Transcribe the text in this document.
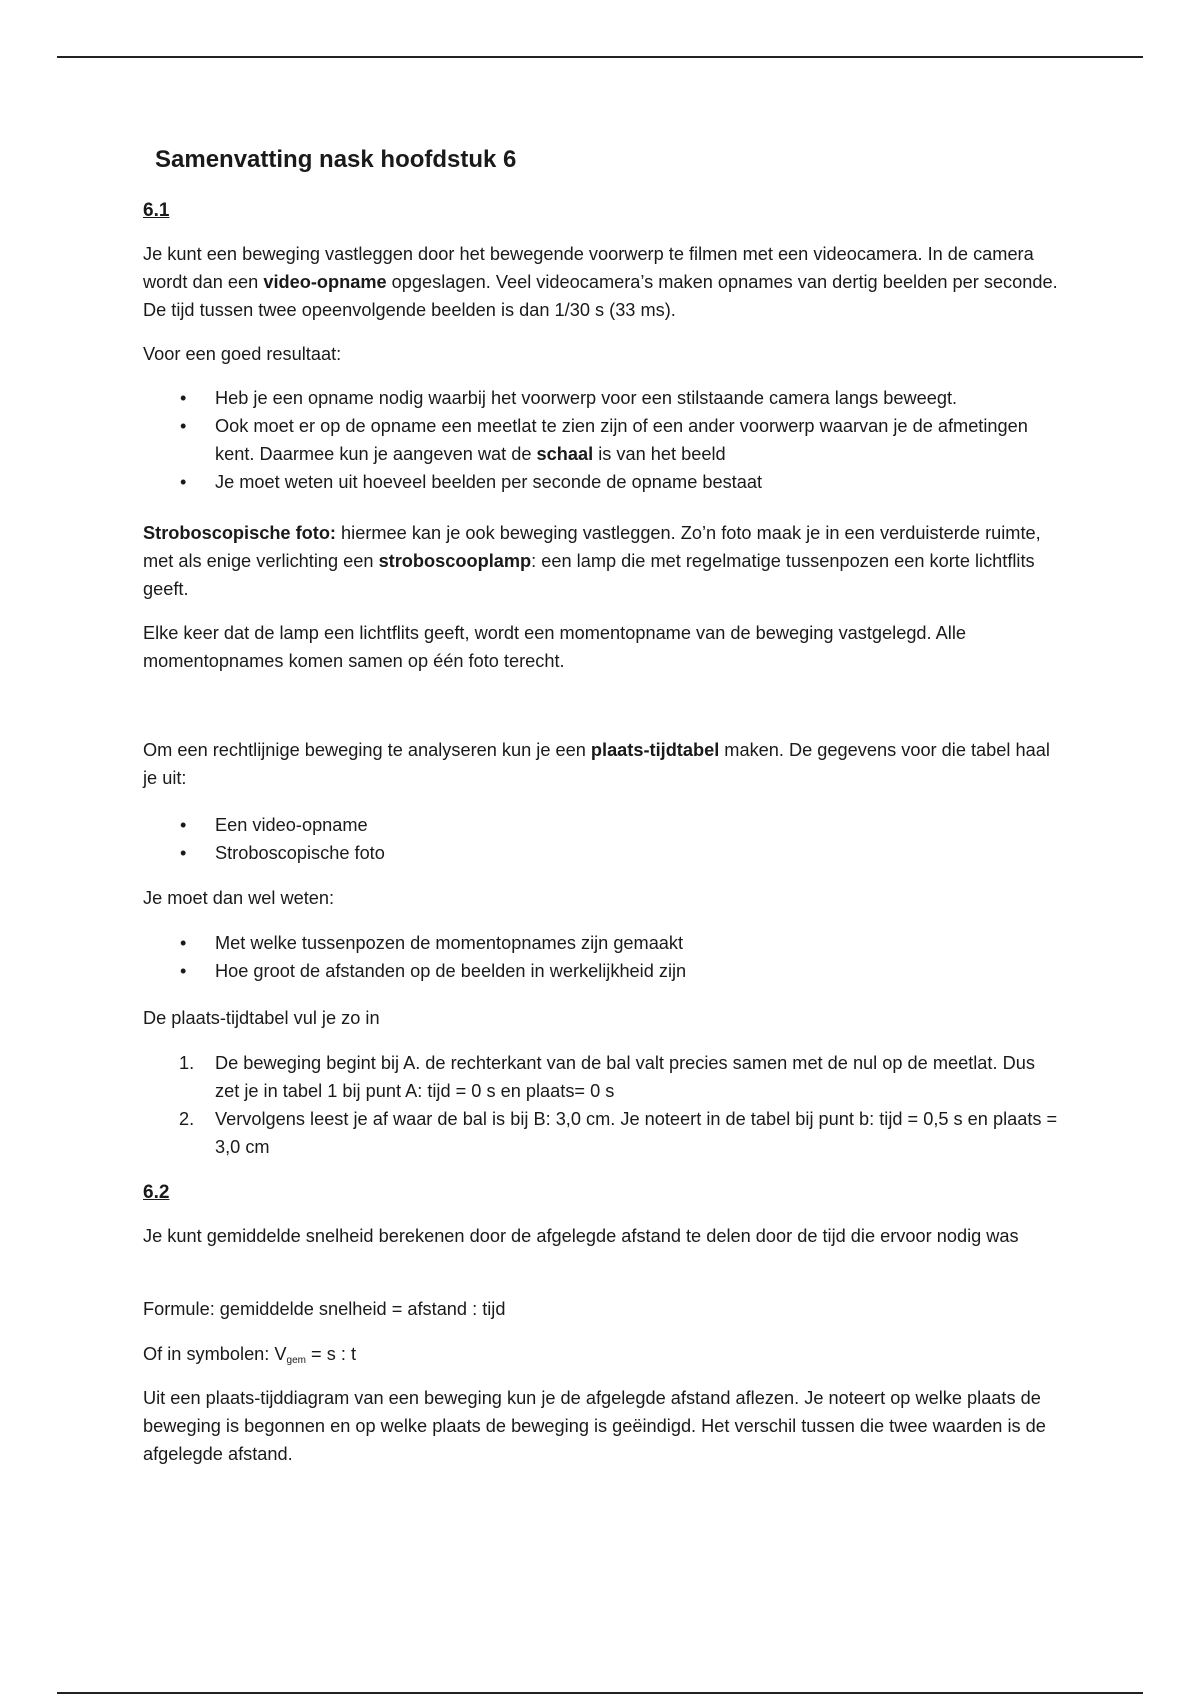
Samenvatting nask hoofdstuk 6
6.1

Je kunt een beweging vastleggen door het bewegende voorwerp te filmen met een videocamera. In de camera wordt dan een video-opname opgeslagen. Veel videocamera’s maken opnames van dertig beelden per seconde. De tijd tussen twee opeenvolgende beelden is dan 1/30 s (33 ms).

Voor een goed resultaat:

• Heb je een opname nodig waarbij het voorwerp voor een stilstaande camera langs beweegt.
• Ook moet er op de opname een meetlat te zien zijn of een ander voorwerp waarvan je de afmetingen kent. Daarmee kun je aangeven wat de schaal is van het beeld
• Je moet weten uit hoeveel beelden per seconde de opname bestaat

Stroboscopische foto: hiermee kan je ook beweging vastleggen. Zo’n foto maak je in een verduisterde ruimte, met als enige verlichting een stroboscooplamp: een lamp die met regelmatige tussenpozen een korte lichtflits geeft.

Elke keer dat de lamp een lichtflits geeft, wordt een momentopname van de beweging vastgelegd. Alle momentopnames komen samen op één foto terecht.

Om een rechtlijnige beweging te analyseren kun je een plaats-tijdtabel maken. De gegevens voor die tabel haal je uit:

• Een video-opname
• Stroboscopische foto

Je moet dan wel weten:

• Met welke tussenpozen de momentopnames zijn gemaakt
• Hoe groot de afstanden op de beelden in werkelijkheid zijn

De plaats-tijdtabel vul je zo in

1. De beweging begint bij A. de rechterkant van de bal valt precies samen met de nul op de meetlat. Dus zet je in tabel 1 bij punt A: tijd = 0 s en plaats= 0 s
2. Vervolgens leest je af waar de bal is bij B: 3,0 cm. Je noteert in de tabel bij punt b: tijd = 0,5 s en plaats = 3,0 cm
6.2

Je kunt gemiddelde snelheid berekenen door de afgelegde afstand te delen door de tijd die ervoor nodig was

Formule: gemiddelde snelheid = afstand : tijd

Of in symbolen: $V_{gem} = s$ : t

Uit een plaats-tijddiagram van een beweging kun je de afgelegde afstand aflezen. Je noteert op welke plaats de beweging is begonnen en op welke plaats de beweging is geëindigd. Het verschil tussen die twee waarden is de afgelegde afstand.
